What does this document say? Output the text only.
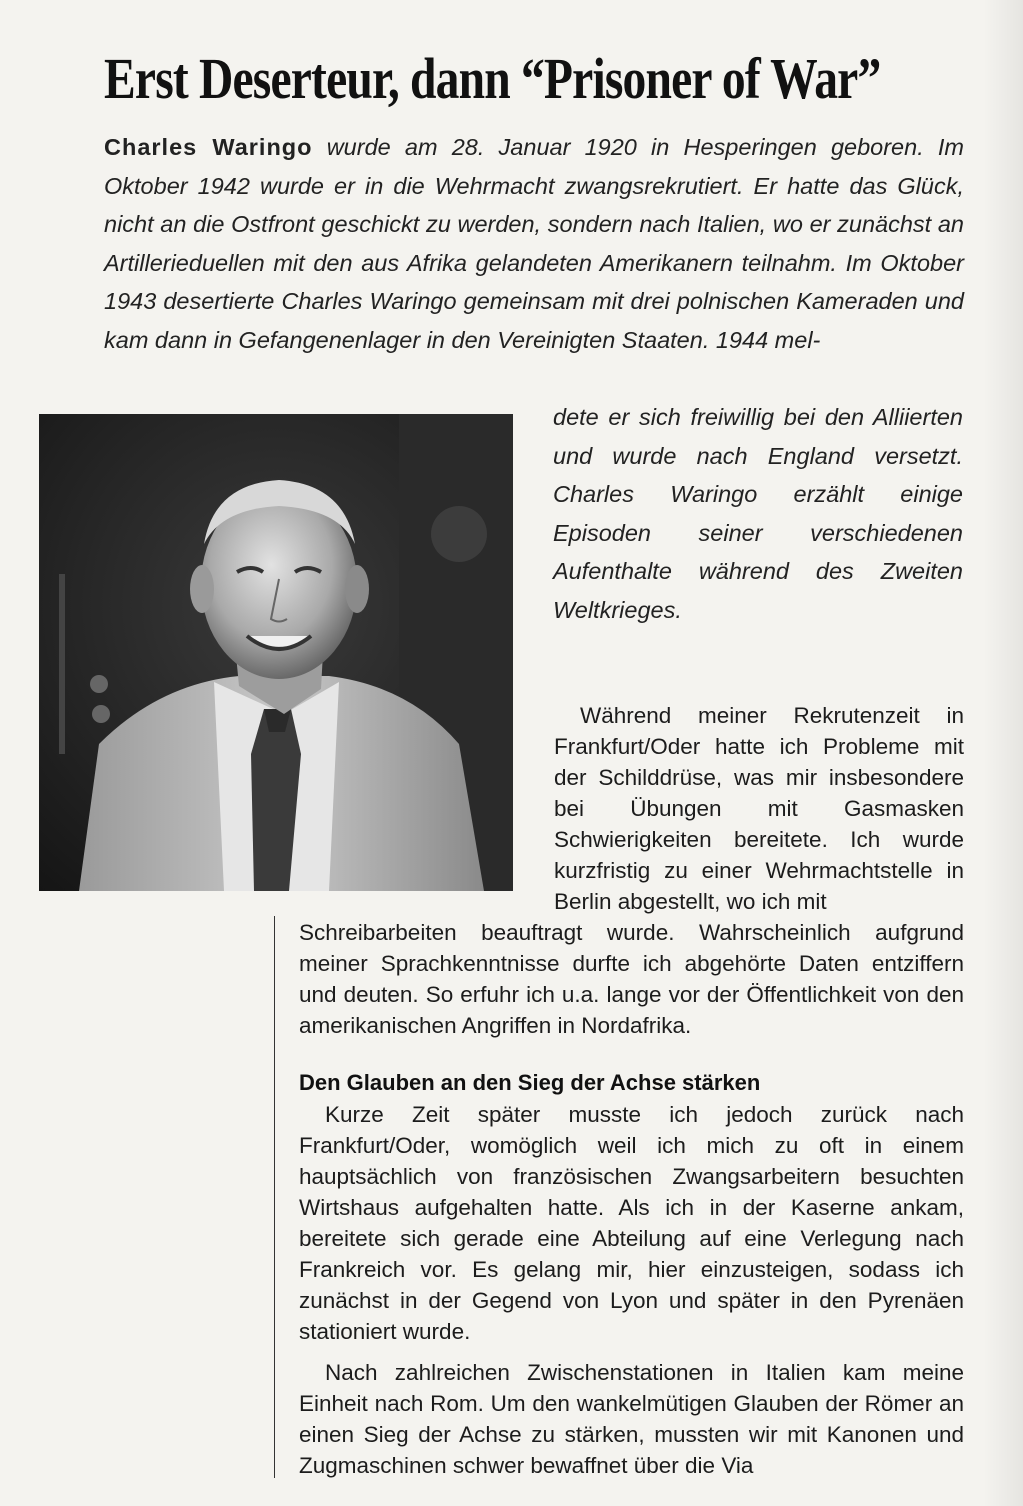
Erst Deserteur, dann “Prisoner of War”
Charles Waringo wurde am 28. Januar 1920 in Hesperingen geboren. Im Oktober 1942 wurde er in die Wehrmacht zwangsrekrutiert. Er hatte das Glück, nicht an die Ostfront geschickt zu werden, sondern nach Italien, wo er zunächst an Artillerieduellen mit den aus Afrika gelandeten Amerikanern teilnahm. Im Oktober 1943 desertierte Charles Waringo gemeinsam mit drei polnischen Kameraden und kam dann in Gefangenenlager in den Vereinigten Staaten. 1944 mel-
dete er sich freiwillig bei den Alliierten und wurde nach England versetzt. Charles Waringo erzählt einige Episoden seiner verschiedenen Aufenthalte während des Zweiten Weltkrieges.

Während meiner Rekrutenzeit in Frankfurt/Oder hatte ich Probleme mit der Schilddrüse, was mir insbesondere bei Übungen mit Gasmasken Schwierigkeiten bereitete. Ich wurde kurzfristig zu einer Wehrmachtstelle in Berlin abgestellt, wo ich mit

Schreibarbeiten beauftragt wurde. Wahrscheinlich aufgrund meiner Sprachkenntnisse durfte ich abgehörte Daten entziffern und deuten. So erfuhr ich u.a. lange vor der Öffentlichkeit von den amerikanischen Angriffen in Nordafrika.
Den Glauben an den Sieg der Achse stärken

Kurze Zeit später musste ich jedoch zurück nach Frankfurt/Oder, womöglich weil ich mich zu oft in einem hauptsächlich von französischen Zwangsarbeitern besuchten Wirtshaus aufgehalten hatte. Als ich in der Kaserne ankam, bereitete sich gerade eine Abteilung auf eine Verlegung nach Frankreich vor. Es gelang mir, hier einzusteigen, sodass ich zunächst in der Gegend von Lyon und später in den Pyrenäen stationiert wurde.

Nach zahlreichen Zwischenstationen in Italien kam meine Einheit nach Rom. Um den wankelmütigen Glauben der Römer an einen Sieg der Achse zu stärken, mussten wir mit Kanonen und Zugmaschinen schwer bewaffnet über die Via
